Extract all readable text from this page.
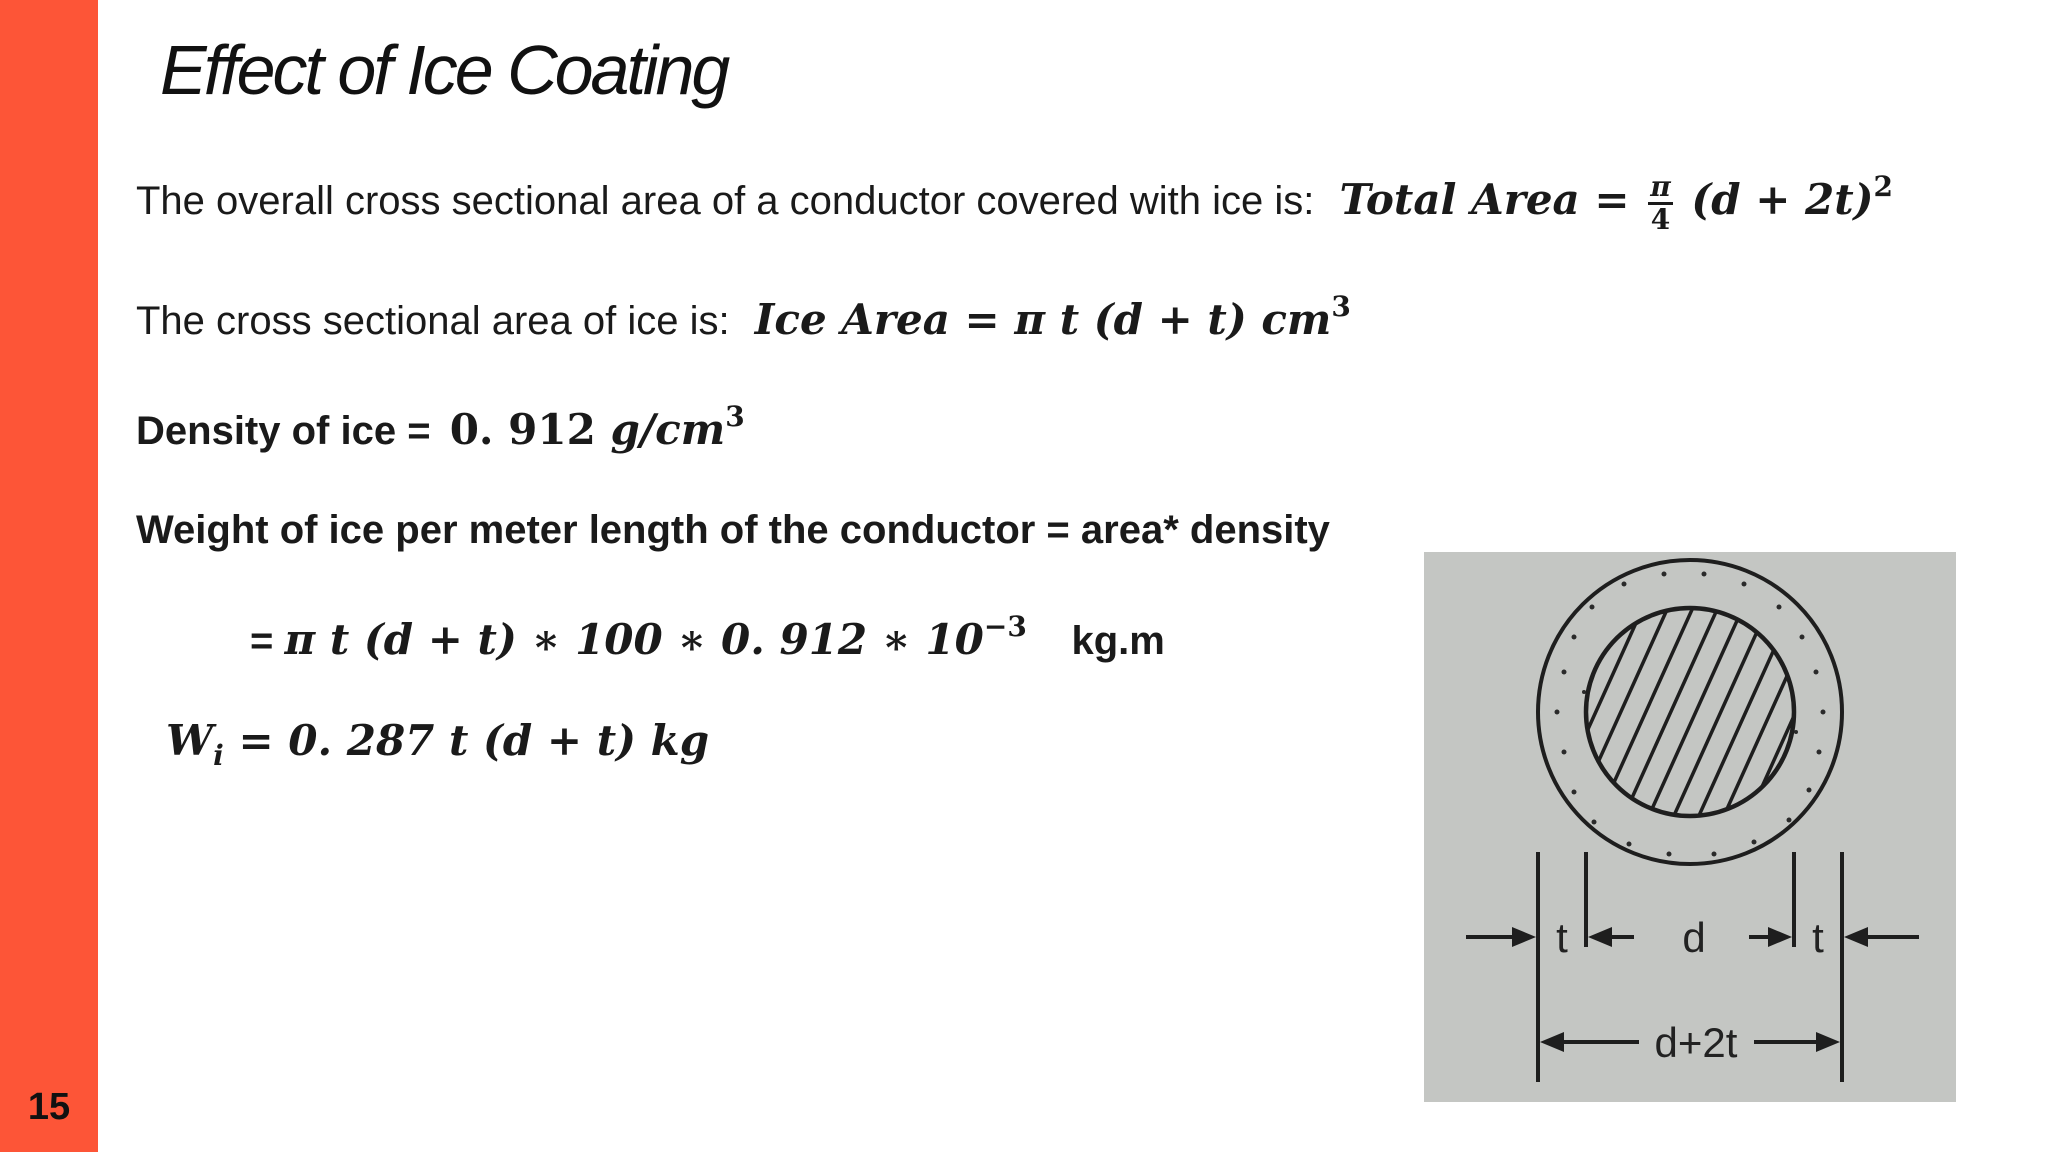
15
Effect of Ice Coating
The overall cross sectional area of a conductor covered with ice is: Total Area = $\frac{\pi}{4} (d + 2t)^2$
The cross sectional area of ice is: Ice Area = π t (d + t) $cm^3$
Density of ice = 0. 912 $g/cm^3$
Weight of ice per meter length of the conductor = area* density
= π t (d + t) ∗ 100 ∗ 0. 912 ∗ $10^{-3}$ kg.m
$W_i = 0$. 287 t (d + t) kg
t	d	t
d+2t
